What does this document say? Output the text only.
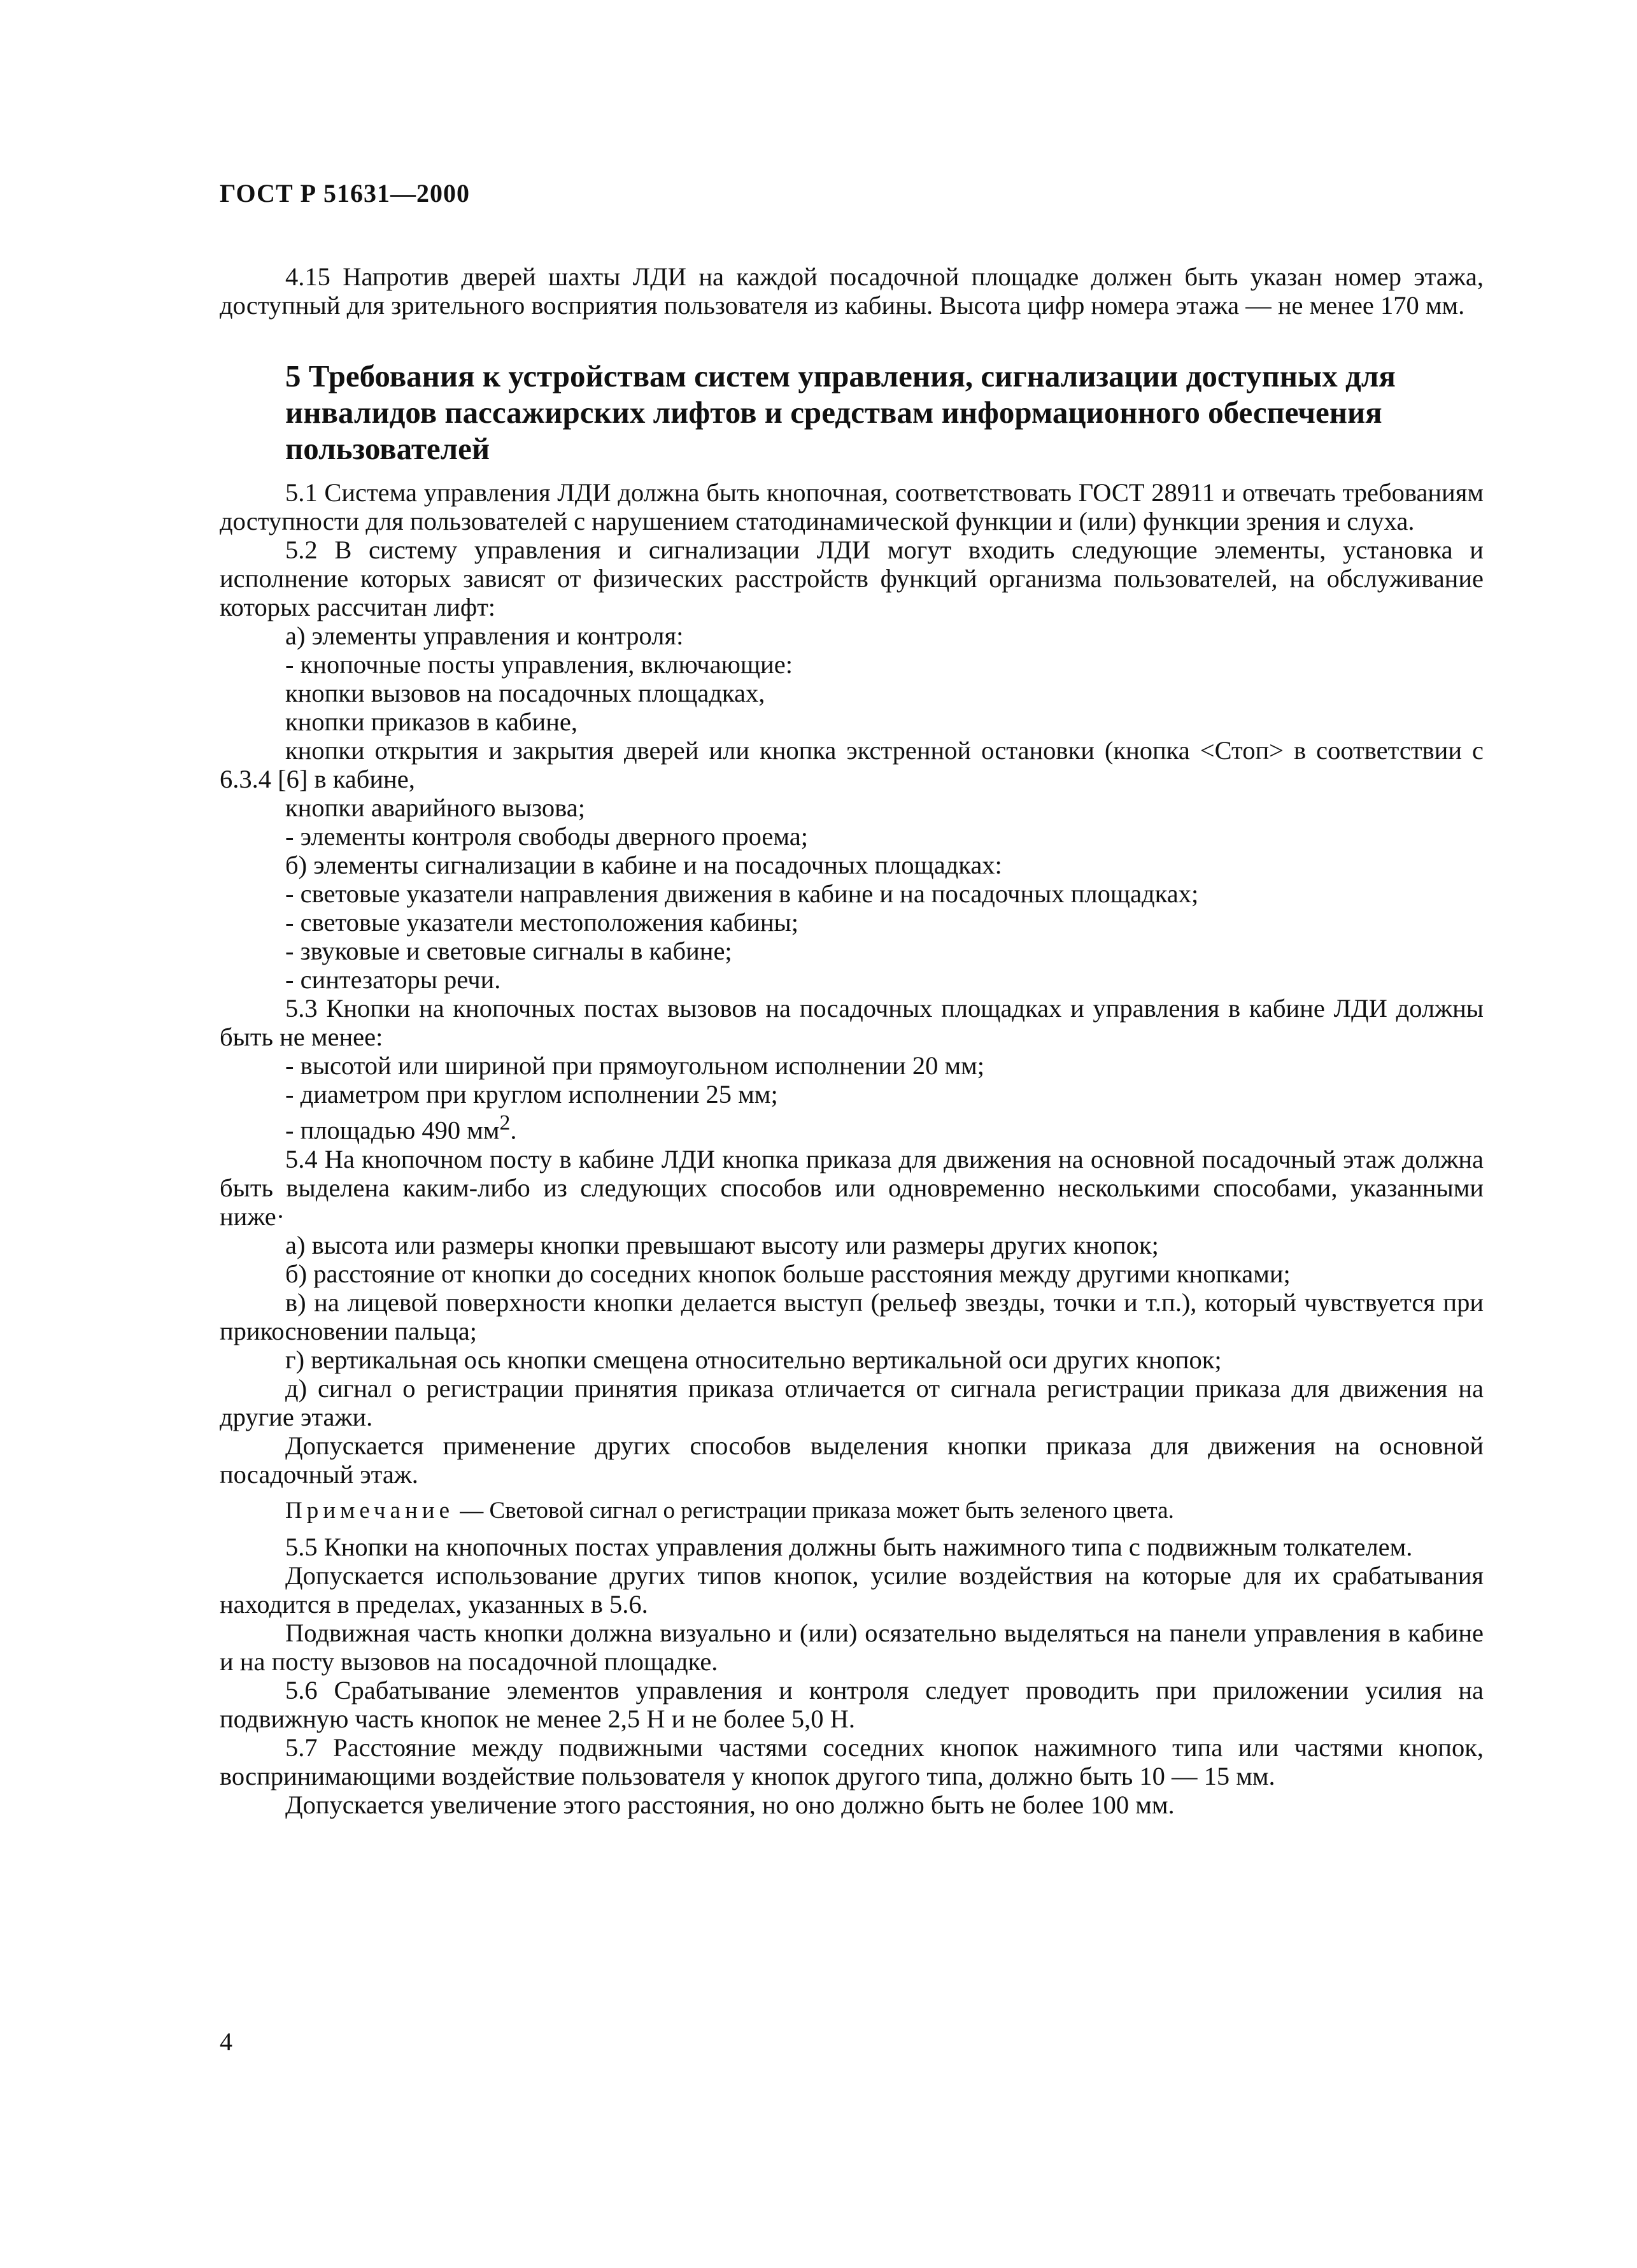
ГОСТ Р 51631—2000

4.15 Напротив дверей шахты ЛДИ на каждой посадочной площадке должен быть указан номер этажа, доступный для зрительного восприятия пользователя из кабины. Высота цифр номера этажа — не менее 170 мм.

5 Требования к устройствам систем управления, сигнализации доступных для инвалидов пассажирских лифтов и средствам информационного обеспечения пользователей

5.1 Система управления ЛДИ должна быть кнопочная, соответствовать ГОСТ 28911 и отвечать требованиям доступности для пользователей с нарушением статодинамической функции и (или) функции зрения и слуха.

5.2 В систему управления и сигнализации ЛДИ могут входить следующие элементы, установка и исполнение которых зависят от физических расстройств функций организма пользователей, на обслуживание которых рассчитан лифт:

а) элементы управления и контроля:

- кнопочные посты управления, включающие:

кнопки вызовов на посадочных площадках,

кнопки приказов в кабине,

кнопки открытия и закрытия дверей или кнопка экстренной остановки (кнопка <Стоп> в соответствии с 6.3.4 [6] в кабине,

кнопки аварийного вызова;

- элементы контроля свободы дверного проема;

б) элементы сигнализации в кабине и на посадочных площадках:

- световые указатели направления движения в кабине и на посадочных площадках;

- световые указатели местоположения кабины;

- звуковые и световые сигналы в кабине;

- синтезаторы речи.

5.3 Кнопки на кнопочных постах вызовов на посадочных площадках и управления в кабине ЛДИ должны быть не менее:

- высотой или шириной при прямоугольном исполнении 20 мм;

- диаметром при круглом исполнении 25 мм;

- площадью 490 $мм^2$.

5.4 На кнопочном посту в кабине ЛДИ кнопка приказа для движения на основной посадочный этаж должна быть выделена каким-либо из следующих способов или одновременно несколькими способами, указанными ниже·

а) высота или размеры кнопки превышают высоту или размеры других кнопок;

б) расстояние от кнопки до соседних кнопок больше расстояния между другими кнопками;

в) на лицевой поверхности кнопки делается выступ (рельеф звезды, точки и т.п.), который чувствуется при прикосновении пальца;

г) вертикальная ось кнопки смещена относительно вертикальной оси других кнопок;

д) сигнал о регистрации принятия приказа отличается от сигнала регистрации приказа для движения на другие этажи.

Допускается применение других способов выделения кнопки приказа для движения на основной посадочный этаж.

Примечание — Световой сигнал о регистрации приказа может быть зеленого цвета.

5.5 Кнопки на кнопочных постах управления должны быть нажимного типа с подвижным толкателем.

Допускается использование других типов кнопок, усилие воздействия на которые для их срабатывания находится в пределах, указанных в 5.6.

Подвижная часть кнопки должна визуально и (или) осязательно выделяться на панели управления в кабине и на посту вызовов на посадочной площадке.

5.6 Срабатывание элементов управления и контроля следует проводить при приложении усилия на подвижную часть кнопок не менее 2,5 Н и не более 5,0 Н.

5.7 Расстояние между подвижными частями соседних кнопок нажимного типа или частями кнопок, воспринимающими воздействие пользователя у кнопок другого типа, должно быть 10 — 15 мм.

Допускается увеличение этого расстояния, но оно должно быть не более 100 мм.

4
